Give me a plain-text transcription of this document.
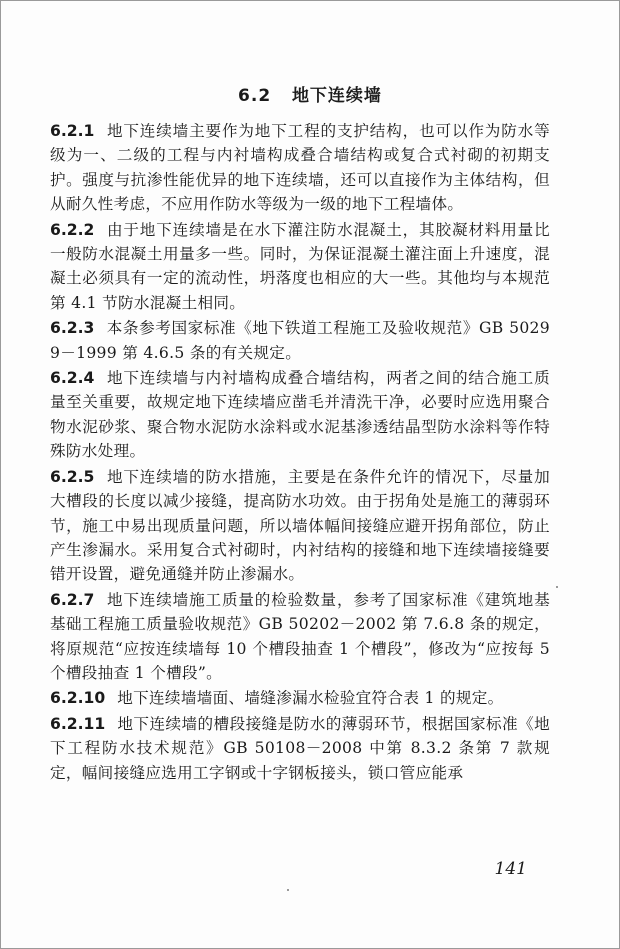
6.2 地下连续墙

6.2.1 地下连续墙主要作为地下工程的支护结构，也可以作为防水等级为一、二级的工程与内衬墙构成叠合墙结构或复合式衬砌的初期支护。强度与抗渗性能优异的地下连续墙，还可以直接作为主体结构，但从耐久性考虑，不应用作防水等级为一级的地下工程墙体。

6.2.2 由于地下连续墙是在水下灌注防水混凝土，其胶凝材料用量比一般防水混凝土用量多一些。同时，为保证混凝土灌注面上升速度，混凝土必须具有一定的流动性，坍落度也相应的大一些。其他均与本规范第 4.1 节防水混凝土相同。

6.2.3 本条参考国家标准《地下铁道工程施工及验收规范》GB 50299－1999 第 4.6.5 条的有关规定。

6.2.4 地下连续墙与内衬墙构成叠合墙结构，两者之间的结合施工质量至关重要，故规定地下连续墙应凿毛并清洗干净，必要时应选用聚合物水泥砂浆、聚合物水泥防水涂料或水泥基渗透结晶型防水涂料等作特殊防水处理。

6.2.5 地下连续墙的防水措施，主要是在条件允许的情况下，尽量加大槽段的长度以减少接缝，提高防水功效。由于拐角处是施工的薄弱环节，施工中易出现质量问题，所以墙体幅间接缝应避开拐角部位，防止产生渗漏水。采用复合式衬砌时，内衬结构的接缝和地下连续墙接缝要错开设置，避免通缝并防止渗漏水。

6.2.7 地下连续墙施工质量的检验数量，参考了国家标准《建筑地基基础工程施工质量验收规范》GB 50202－2002 第 7.6.8 条的规定，将原规范“应按连续墙每 10 个槽段抽查 1 个槽段”，修改为“应按每 5 个槽段抽查 1 个槽段”。

6.2.10 地下连续墙墙面、墙缝渗漏水检验宜符合表 1 的规定。

6.2.11 地下连续墙的槽段接缝是防水的薄弱环节，根据国家标准《地下工程防水技术规范》GB 50108－2008 中第 8.3.2 条第 7 款规定，幅间接缝应选用工字钢或十字钢板接头，锁口管应能承

141
